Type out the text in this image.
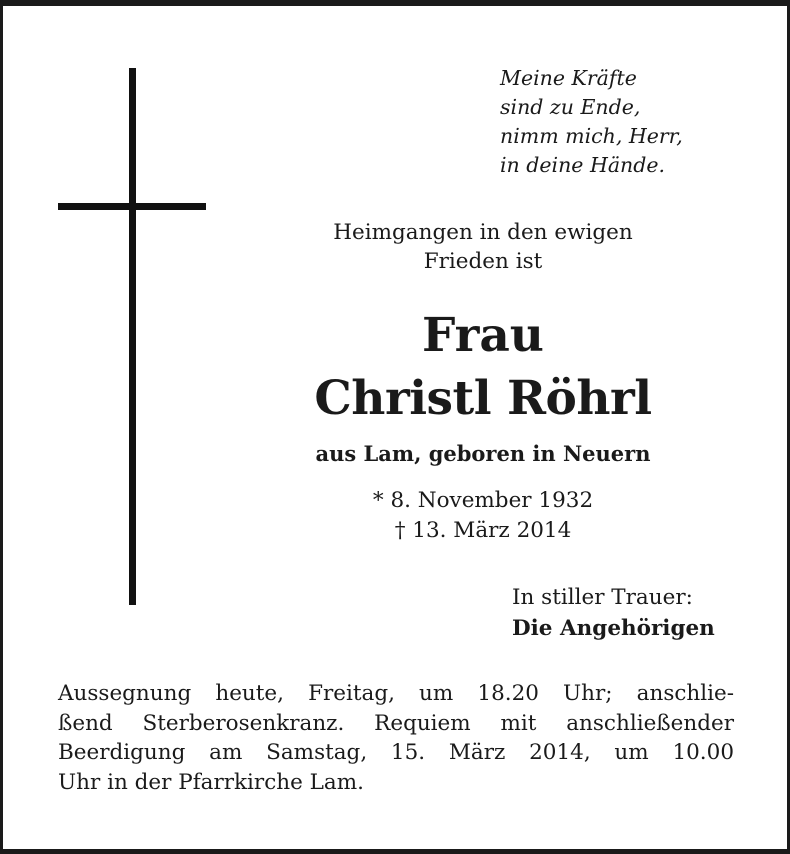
Meine Kräfte
sind zu Ende,
nimm mich, Herr,
in deine Hände.
Heimgangen in den ewigen
Frieden ist
Frau
Christl Röhrl
aus Lam, geboren in Neuern
* 8. November 1932
† 13. März 2014
In stiller Trauer:
Die Angehörigen
Aussegnung heute, Freitag, um 18.20 Uhr; anschlie-
ßend Sterberosenkranz. Requiem mit anschließender
Beerdigung am Samstag, 15. März 2014, um 10.00
Uhr in der Pfarrkirche Lam.
